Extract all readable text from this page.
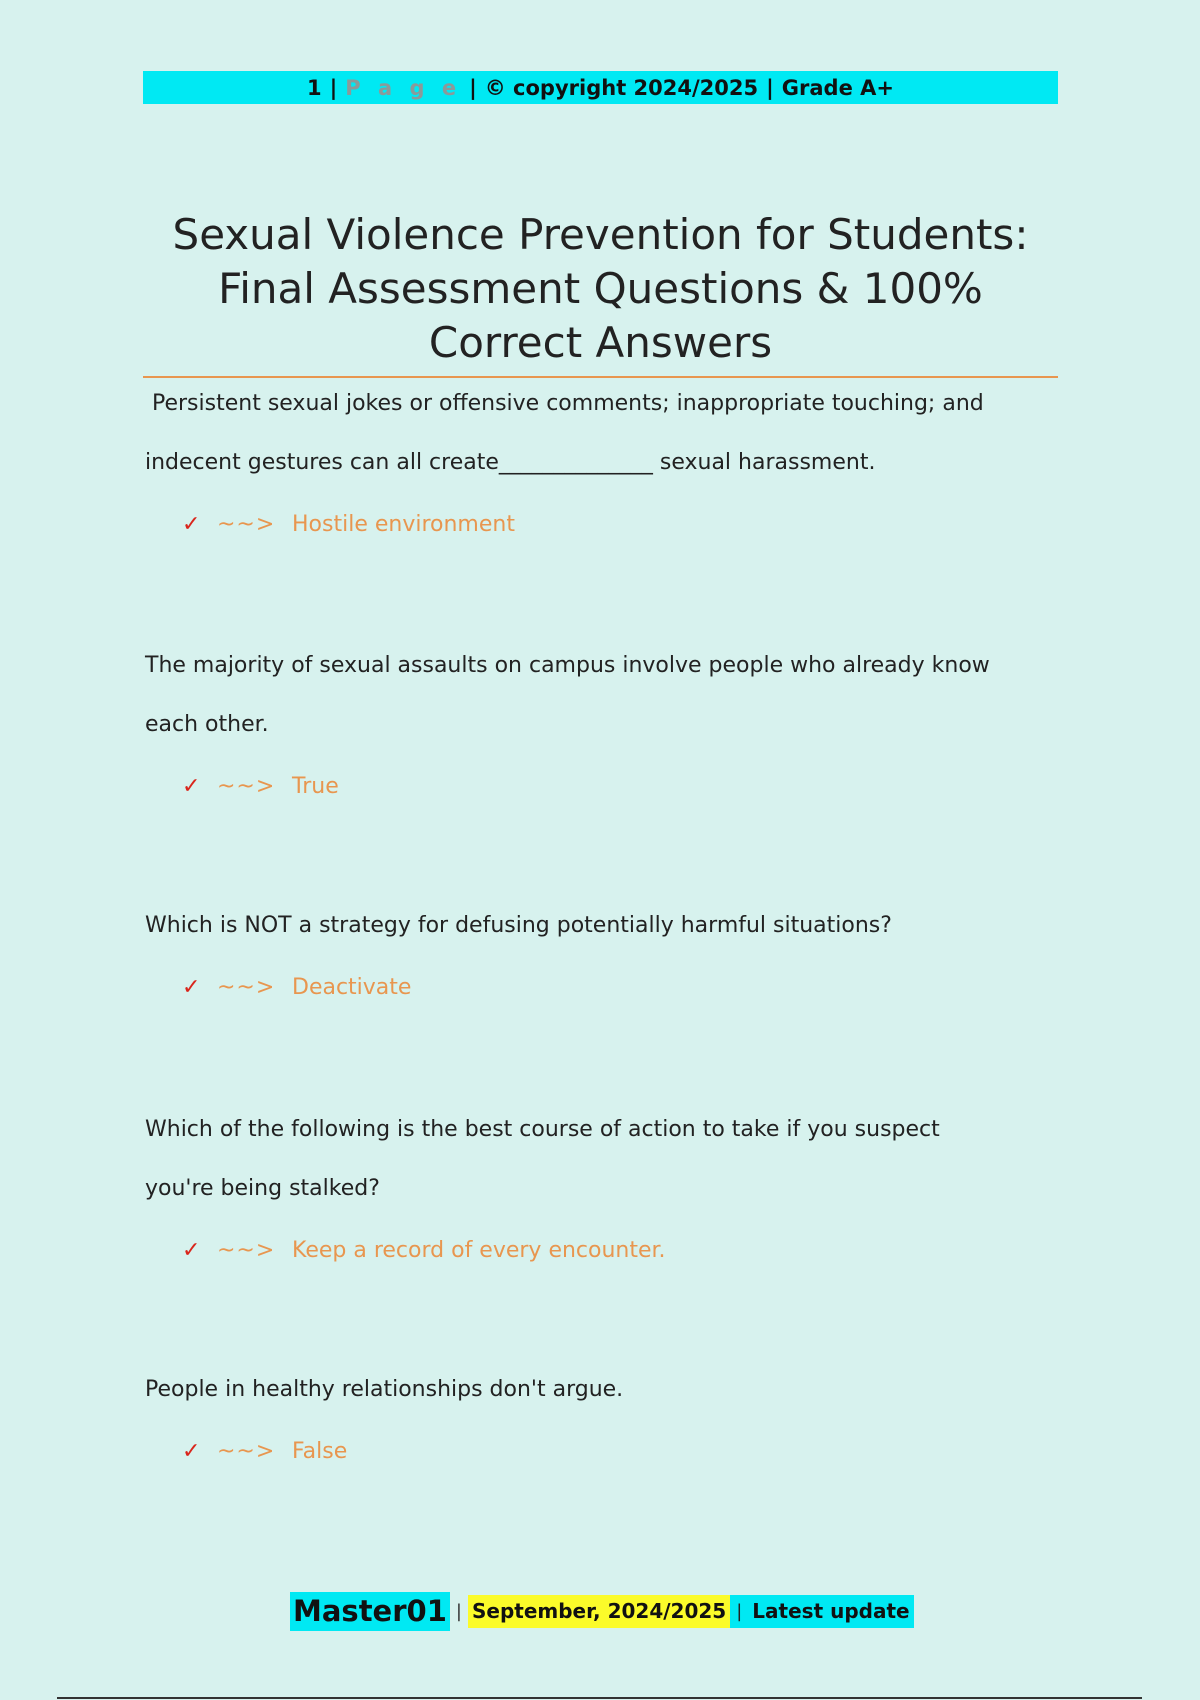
1 | P a g e | © copyright 2024/2025 | Grade A+
Sexual Violence Prevention for Students:
Final Assessment Questions & 100%
Correct Answers

Persistent sexual jokes or offensive comments; inappropriate touching; and
indecent gestures can all create______________ sexual harassment.

✓ ~~> Hostile environment

The majority of sexual assaults on campus involve people who already know
each other.

✓ ~~> True

Which is NOT a strategy for defusing potentially harmful situations?

✓ ~~> Deactivate

Which of the following is the best course of action to take if you suspect
you're being stalked?

✓ ~~> Keep a record of every encounter.

People in healthy relationships don't argue.

✓ ~~> False
Master01 | September, 2024/2025 | Latest update
